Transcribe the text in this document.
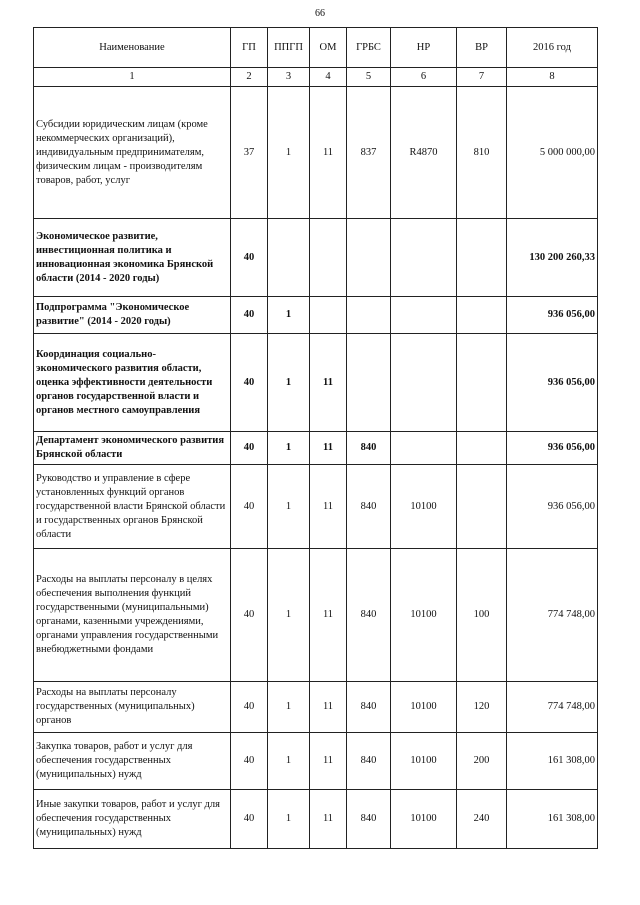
66
Наименование	ГП	ППГП	ОМ	ГРБС	НР	ВР	2016 год
1	2	3	4	5	6	7	8
Субсидии юридическим лицам (кроме некоммерческих организаций), индивидуальным предпринимателям, физическим лицам - производителям товаров, работ, услуг	37	1	11	837	R4870	810	5 000 000,00
Экономическое развитие, инвестиционная политика и инновационная экономика Брянской области (2014 - 2020 годы)	40						130 200 260,33
Подпрограмма "Экономическое развитие" (2014 - 2020 годы)	40	1					936 056,00
Координация социально-экономического развития области, оценка эффективности деятельности органов государственной власти и органов местного самоуправления	40	1	11				936 056,00
Департамент экономического развития Брянской области	40	1	11	840			936 056,00
Руководство и управление в сфере установленных функций органов государственной власти Брянской области и государственных органов Брянской области	40	1	11	840	10100		936 056,00
Расходы на выплаты персоналу в целях обеспечения выполнения функций государственными (муниципальными) органами, казенными учреждениями, органами управления государственными внебюджетными фондами	40	1	11	840	10100	100	774 748,00
Расходы на выплаты персоналу государственных (муниципальных) органов	40	1	11	840	10100	120	774 748,00
Закупка товаров, работ и услуг для обеспечения государственных (муниципальных) нужд	40	1	11	840	10100	200	161 308,00
Иные закупки товаров, работ и услуг для обеспечения государственных (муниципальных) нужд	40	1	11	840	10100	240	161 308,00
